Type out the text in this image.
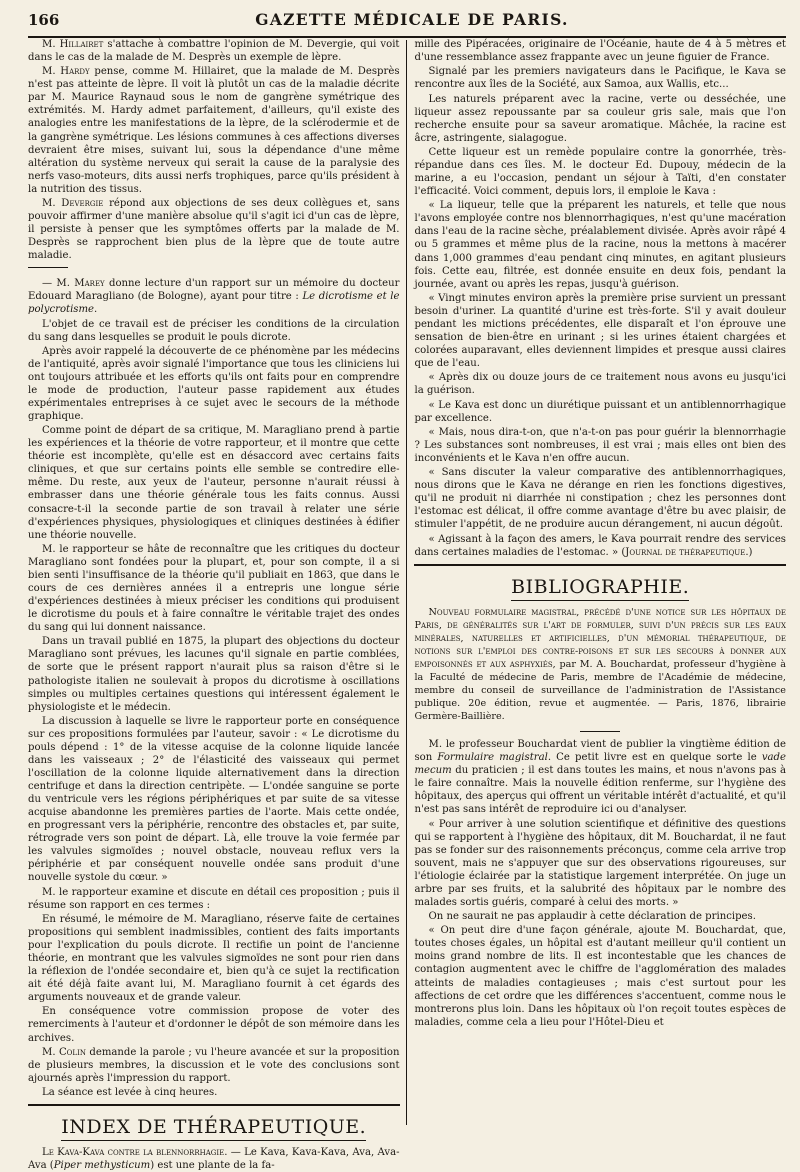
166	GAZETTE MÉDICALE DE PARIS.

M. Hillairet s'attache à combattre l'opinion de M. Devergie, qui voit dans le cas de la malade de M. Desprès un exemple de lèpre.

M. Hardy pense, comme M. Hillairet, que la malade de M. Desprès n'est pas atteinte de lèpre. Il voit là plutôt un cas de la maladie décrite par M. Maurice Raynaud sous le nom de gangrène symétrique des extrémités. M. Hardy admet parfaitement, d'ailleurs, qu'il existe des analogies entre les manifestations de la lèpre, de la sclérodermie et de la gangrène symétrique. Les lésions communes à ces affections diverses devraient être mises, suivant lui, sous la dépendance d'une même altération du système nerveux qui serait la cause de la paralysie des nerfs vaso-moteurs, dits aussi nerfs trophiques, parce qu'ils président à la nutrition des tissus.

M. Devergie répond aux objections de ses deux collègues et, sans pouvoir affirmer d'une manière absolue qu'il s'agit ici d'un cas de lèpre, il persiste à penser que les symptômes offerts par la malade de M. Desprès se rapprochent bien plus de la lèpre que de toute autre maladie.

— M. Marey donne lecture d'un rapport sur un mémoire du docteur Edouard Maragliano (de Bologne), ayant pour titre : Le dicrotisme et le polycrotisme.

L'objet de ce travail est de préciser les conditions de la circulation du sang dans lesquelles se produit le pouls dicrote.

Après avoir rappelé la découverte de ce phénomène par les médecins de l'antiquité, après avoir signalé l'importance que tous les cliniciens lui ont toujours attribuée et les efforts qu'ils ont faits pour en comprendre le mode de production, l'auteur passe rapidement aux études expérimentales entreprises à ce sujet avec le secours de la méthode graphique.

Comme point de départ de sa critique, M. Maragliano prend à partie les expériences et la théorie de votre rapporteur, et il montre que cette théorie est incomplète, qu'elle est en désaccord avec certains faits cliniques, et que sur certains points elle semble se contredire elle-même. Du reste, aux yeux de l'auteur, personne n'aurait réussi à embrasser dans une théorie générale tous les faits connus. Aussi consacre-t-il la seconde partie de son travail à relater une série d'expériences physiques, physiologiques et cliniques destinées à édifier une théorie nouvelle.

M. le rapporteur se hâte de reconnaître que les critiques du docteur Maragliano sont fondées pour la plupart, et, pour son compte, il a si bien senti l'insuffisance de la théorie qu'il publiait en 1863, que dans le cours de ces dernières années il a entrepris une longue série d'expériences destinées à mieux préciser les conditions qui produisent le dicrotisme du pouls et à faire connaître le véritable trajet des ondes du sang qui lui donnent naissance.

Dans un travail publié en 1875, la plupart des objections du docteur Maragliano sont prévues, les lacunes qu'il signale en partie comblées, de sorte que le présent rapport n'aurait plus sa raison d'être si le pathologiste italien ne soulevait à propos du dicrotisme à oscillations simples ou multiples certaines questions qui intéressent également le physiologiste et le médecin.

La discussion à laquelle se livre le rapporteur porte en conséquence sur ces propositions formulées par l'auteur, savoir : « Le dicrotisme du pouls dépend : 1° de la vitesse acquise de la colonne liquide lancée dans les vaisseaux ; 2° de l'élasticité des vaisseaux qui permet l'oscillation de la colonne liquide alternativement dans la direction centrifuge et dans la direction centripète. — L'ondée sanguine se porte du ventricule vers les régions périphériques et par suite de sa vitesse acquise abandonne les premières parties de l'aorte. Mais cette ondée, en progressant vers la périphérie, rencontre des obstacles et, par suite, rétrograde vers son point de départ. Là, elle trouve la voie fermée par les valvules sigmoïdes ; nouvel obstacle, nouveau reflux vers la périphérie et par conséquent nouvelle ondée sans produit d'une nouvelle systole du cœur. »

M. le rapporteur examine et discute en détail ces proposition ; puis il résume son rapport en ces termes :

En résumé, le mémoire de M. Maragliano, réserve faite de certaines propositions qui semblent inadmissibles, contient des faits importants pour l'explication du pouls dicrote. Il rectifie un point de l'ancienne théorie, en montrant que les valvules sigmoïdes ne sont pour rien dans la réflexion de l'ondée secondaire et, bien qu'à ce sujet la rectification ait été déjà faite avant lui, M. Maragliano fournit à cet égards des arguments nouveaux et de grande valeur.

En conséquence votre commission propose de voter des remerciments à l'auteur et d'ordonner le dépôt de son mémoire dans les archives.

M. Colin demande la parole ; vu l'heure avancée et sur la proposition de plusieurs membres, la discussion et le vote des conclusions sont ajournés après l'impression du rapport.

La séance est levée à cinq heures.

INDEX DE THÉRAPEUTIQUE.

Le Kava-Kava contre la blennorrhagie. — Le Kava, Kava-Kava, Ava, Ava-Ava (Piper methysticum) est une plante de la fa-

mille des Pipéracées, originaire de l'Océanie, haute de 4 à 5 mètres et d'une ressemblance assez frappante avec un jeune figuier de France.

Signalé par les premiers navigateurs dans le Pacifique, le Kava se rencontre aux îles de la Société, aux Samoa, aux Wallis, etc...

Les naturels préparent avec la racine, verte ou desséchée, une liqueur assez repoussante par sa couleur gris sale, mais que l'on recherche ensuite pour sa saveur aromatique. Mâchée, la racine est âcre, astringente, sialagogue.

Cette liqueur est un remède populaire contre la gonorrhée, très-répandue dans ces îles. M. le docteur Ed. Dupouy, médecin de la marine, a eu l'occasion, pendant un séjour à Taïti, d'en constater l'efficacité. Voici comment, depuis lors, il emploie le Kava :

« La liqueur, telle que la préparent les naturels, et telle que nous l'avons employée contre nos blennorrhagiques, n'est qu'une macération dans l'eau de la racine sèche, préalablement divisée. Après avoir râpé 4 ou 5 grammes et même plus de la racine, nous la mettons à macérer dans 1,000 grammes d'eau pendant cinq minutes, en agitant plusieurs fois. Cette eau, filtrée, est donnée ensuite en deux fois, pendant la journée, avant ou après les repas, jusqu'à guérison.

« Vingt minutes environ après la première prise survient un pressant besoin d'uriner. La quantité d'urine est très-forte. S'il y avait douleur pendant les mictions précédentes, elle disparaît et l'on éprouve une sensation de bien-être en urinant ; si les urines étaient chargées et colorées auparavant, elles deviennent limpides et presque aussi claires que de l'eau.

« Après dix ou douze jours de ce traitement nous avons eu jusqu'ici la guérison.

« Le Kava est donc un diurétique puissant et un antiblennorrhagique par excellence.

« Mais, nous dira-t-on, que n'a-t-on pas pour guérir la blennorrhagie ? Les substances sont nombreuses, il est vrai ; mais elles ont bien des inconvénients et le Kava n'en offre aucun.

« Sans discuter la valeur comparative des antiblennorrhagiques, nous dirons que le Kava ne dérange en rien les fonctions digestives, qu'il ne produit ni diarrhée ni constipation ; chez les personnes dont l'estomac est délicat, il offre comme avantage d'être bu avec plaisir, de stimuler l'appétit, de ne produire aucun dérangement, ni aucun dégoût.

« Agissant à la façon des amers, le Kava pourrait rendre des services dans certaines maladies de l'estomac. » (Journal de thérapeutique.)

BIBLIOGRAPHIE.

Nouveau formulaire magistral, précédé d'une notice sur les hôpitaux de Paris, de généralités sur l'art de formuler, suivi d'un précis sur les eaux minérales, naturelles et artificielles, d'un mémorial thérapeutique, de notions sur l'emploi des contre-poisons et sur les secours à donner aux empoisonnés et aux asphyxiés, par M. A. Bouchardat, professeur d'hygiène à la Faculté de médecine de Paris, membre de l'Académie de médecine, membre du conseil de surveillance de l'administration de l'Assistance publique. 20e édition, revue et augmentée. — Paris, 1876, librairie Germère-Baillière.

M. le professeur Bouchardat vient de publier la vingtième édition de son Formulaire magistral. Ce petit livre est en quelque sorte le vade mecum du praticien ; il est dans toutes les mains, et nous n'avons pas à le faire connaître. Mais la nouvelle édition renferme, sur l'hygiène des hôpitaux, des aperçus qui offrent un véritable intérêt d'actualité, et qu'il n'est pas sans intérêt de reproduire ici ou d'analyser.

« Pour arriver à une solution scientifique et définitive des questions qui se rapportent à l'hygiène des hôpitaux, dit M. Bouchardat, il ne faut pas se fonder sur des raisonnements préconçus, comme cela arrive trop souvent, mais ne s'appuyer que sur des observations rigoureuses, sur l'étiologie éclairée par la statistique largement interprétée. On juge un arbre par ses fruits, et la salubrité des hôpitaux par le nombre des malades sortis guéris, comparé à celui des morts. »

On ne saurait ne pas applaudir à cette déclaration de principes.

« On peut dire d'une façon générale, ajoute M. Bouchardat, que, toutes choses égales, un hôpital est d'autant meilleur qu'il contient un moins grand nombre de lits. Il est incontestable que les chances de contagion augmentent avec le chiffre de l'agglomération des malades atteints de maladies contagieuses ; mais c'est surtout pour les affections de cet ordre que les différences s'accentuent, comme nous le montrerons plus loin. Dans les hôpitaux où l'on reçoit toutes espèces de maladies, comme cela a lieu pour l'Hôtel-Dieu et
